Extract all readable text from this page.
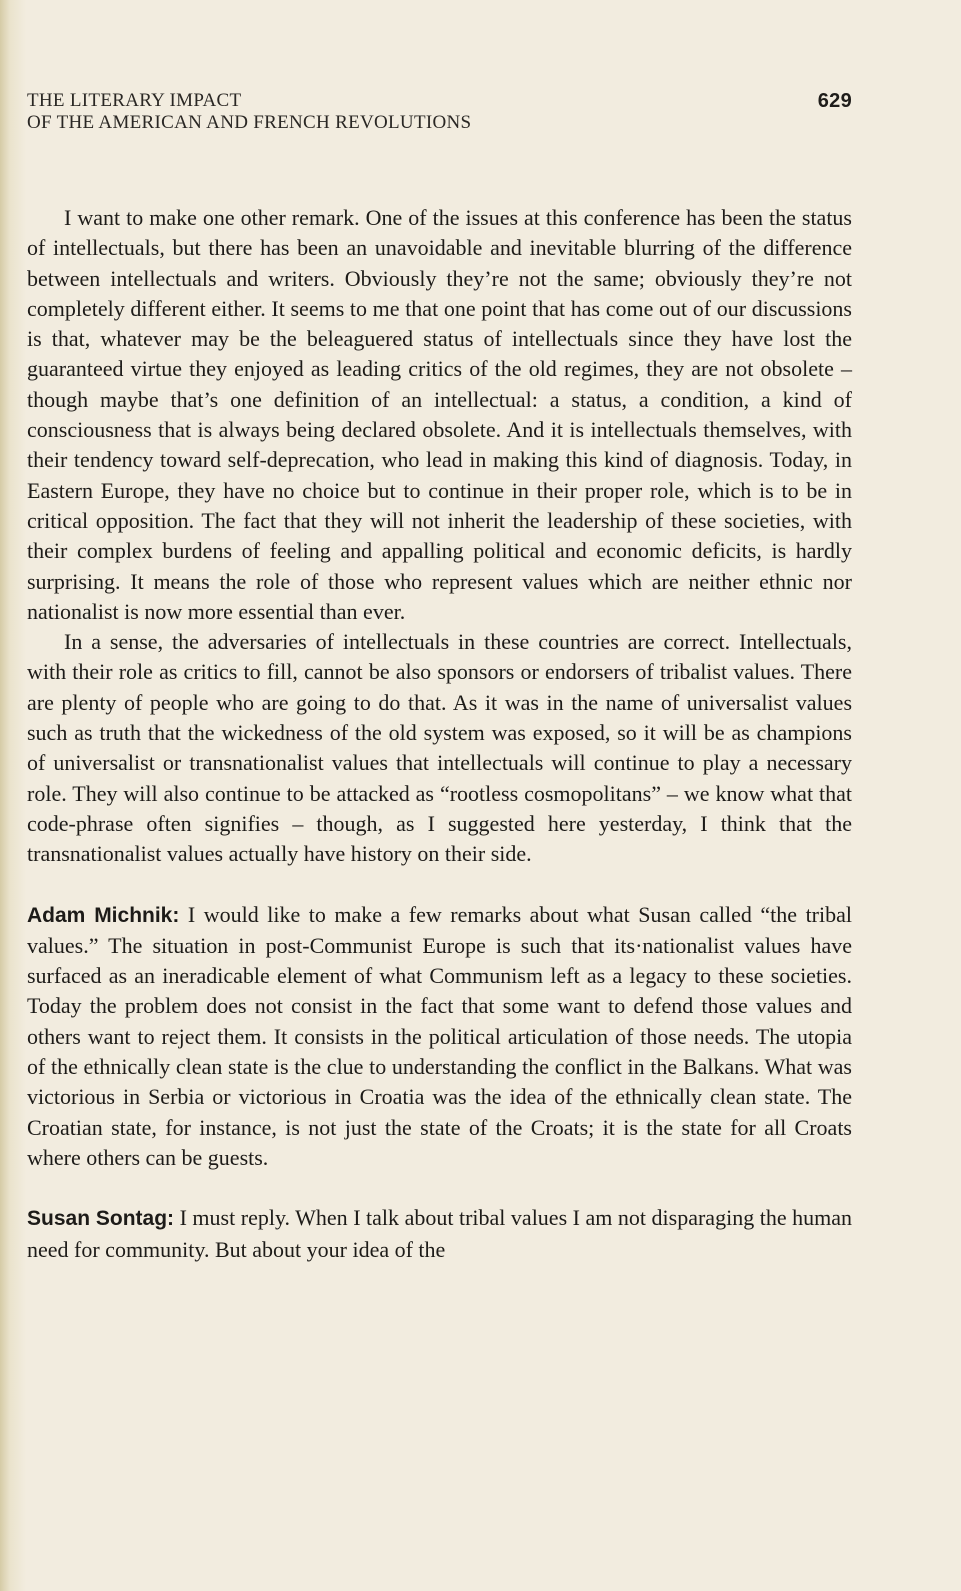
THE LITERARY IMPACT
OF THE AMERICAN AND FRENCH REVOLUTIONS
629

I want to make one other remark. One of the issues at this conference has been the status of intellectuals, but there has been an unavoidable and inevitable blurring of the difference between intellectuals and writers. Obviously they’re not the same; obviously they’re not completely different either. It seems to me that one point that has come out of our discussions is that, whatever may be the beleaguered status of intellectuals since they have lost the guaranteed virtue they enjoyed as leading critics of the old regimes, they are not obsolete – though maybe that’s one definition of an intellectual: a status, a condition, a kind of consciousness that is always being declared obsolete. And it is intellectuals themselves, with their tendency toward self-deprecation, who lead in making this kind of diagnosis. Today, in Eastern Europe, they have no choice but to continue in their proper role, which is to be in critical opposition. The fact that they will not inherit the leadership of these societies, with their complex burdens of feeling and appalling political and economic deficits, is hardly surprising. It means the role of those who represent values which are neither ethnic nor nationalist is now more essential than ever.

In a sense, the adversaries of intellectuals in these countries are correct. Intellectuals, with their role as critics to fill, cannot be also sponsors or endorsers of tribalist values. There are plenty of people who are going to do that. As it was in the name of universalist values such as truth that the wickedness of the old system was exposed, so it will be as champions of universalist or transnationalist values that intellectuals will continue to play a necessary role. They will also continue to be attacked as “rootless cosmopolitans” – we know what that code-phrase often signifies – though, as I suggested here yesterday, I think that the transnationalist values actually have history on their side.

Adam Michnik: I would like to make a few remarks about what Susan called “the tribal values.” The situation in post-Communist Europe is such that its·nationalist values have surfaced as an ineradicable element of what Communism left as a legacy to these societies. Today the problem does not consist in the fact that some want to defend those values and others want to reject them. It consists in the political articulation of those needs. The utopia of the ethnically clean state is the clue to understanding the conflict in the Balkans. What was victorious in Serbia or victorious in Croatia was the idea of the ethnically clean state. The Croatian state, for instance, is not just the state of the Croats; it is the state for all Croats where others can be guests.

Susan Sontag: I must reply. When I talk about tribal values I am not disparaging the human need for community. But about your idea of the
